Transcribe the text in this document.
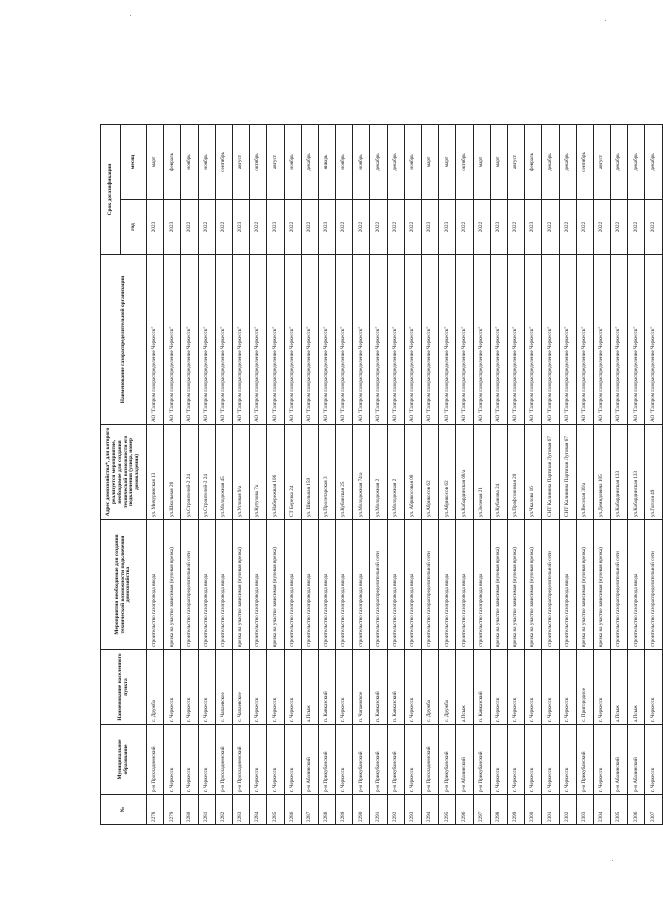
№	Муниципальное образование	Наименование населенного пункта	Мероприятия необходимые для создания технической возможности подключения домохозяйства	Адрес домохозяйства*, для которого реализуется мероприятие, необходимое для создания технической возможности его подключения (улица, номер домовладения)	Наименование газораспределительной организации	Срок догазификации	
						год	месяц
2278	р-н Прохладненский	с. Дружба	строительство газопровода ввода	ул. Мичуринская 13	АО "Газпром газораспределение Черкесск"	2023	март
2279	г. Черкесск	г. Черкесск	врезка на участке зависимая (нулевая врезка)	ул.Школьная 28	АО "Газпром газораспределение Черкесск"	2023	февраль
2280	г. Черкесск	г. Черкесск	строительство газораспределительной сети	ул.Строителей-2 24	АО "Газпром газораспределение Черкесск"	2022	ноябрь
2281	г. Черкесск	г. Черкесск	строительство газопровода ввода	ул.Строителей-2 24	АО "Газпром газораспределение Черкесск"	2022	ноябрь
2282	р-н Прохладненский	с. Чапаевское	строительство газопровода ввода	ул.Молодежная 45	АО "Газпром газораспределение Черкесск"	2022	сентябрь
2283	р-н Прохладненский	с. Чапаевское	врезка на участке зависимая (нулевая врезка)	ул.Угловая 9/а	АО "Газпром газораспределение Черкесск"	2023	август
2284	г. Черкесск	г. Черкесск	строительство газопровода ввода	ул.Кутузова 7а	АО "Газпром газораспределение Черкесск"	2022	октябрь
2285	г. Черкесск	г. Черкесск	врезка на участке зависимая (нулевая врезка)	ул.Набережная 106	АО "Газпром газораспределение Черкесск"	2023	август
2286	г. Черкесск	г. Черкесск	строительство газопровода ввода	СТ Березка 24	АО "Газпром газораспределение Черкесск"	2022	ноябрь
2287	р-н Абазинский	а.Псыж	строительство газопровода ввода	ул. Школьная 159	АО "Газпром газораспределение Черкесск"	2022	декабрь
2288	р-н Прикубанский	п. Кавказский	строительство газопровода ввода	ул.Пролетарская 3	АО "Газпром газораспределение Черкесск"	2023	январь
2289	г. Черкесск	г. Черкесск	строительство газопровода ввода	ул.Кубанская 25	АО "Газпром газораспределение Черкесск"	2022	ноябрь
2290	р-н Прикубанский	п. Чапаевское	строительство газопровода ввода	ул.Молодежная 74/а	АО "Газпром газораспределение Черкесск"	2022	ноябрь
2291	р-н Прикубанский	п. Кавказский	строительство газораспределительной сети	ул.Молодежная 2	АО "Газпром газораспределение Черкесск"	2022	декабрь
2292	р-н Прикубанский	п. Кавказский	строительство газопровода ввода	ул.Молодежная 2	АО "Газпром газораспределение Черкесск"	2022	декабрь
2293	г. Черкесск	г. Черкесск	строительство газопровода ввода	ул. Абрикосовая 08	АО "Газпром газораспределение Черкесск"	2022	ноябрь
2294	р-н Прохладненский	с. Дружба	строительство газораспределительной сети	ул.Абрикосов 62	АО "Газпром газораспределение Черкесск"	2023	март
2295	р-н Прикубанский	с. Дружба	строительство газопровода ввода	ул.Абрикосов 62	АО "Газпром газораспределение Черкесск"	2023	март
2296	р-н Абазинский	а.Псыж	строительство газопровода ввода	ул.Кабардинская 68/а	АО "Газпром газораспределение Черкесск"	2022	октябрь
2297	р-н Прикубанский	п. Кавказский	строительство газопровода ввода	ул.Зеленая 21	АО "Газпром газораспределение Черкесск"	2022	март
2298	г. Черкесск	г. Черкесск	врезка на участке зависимая (нулевая врезка)	ул.Кубанова 24	АО "Газпром газораспределение Черкесск"	2023	март
2299	г. Черкесск	г. Черкесск	врезка на участке зависимая (нулевая врезка)	ул.Профсоюзная 20	АО "Газпром газораспределение Черкесск"	2022	август
2300	г. Черкесск	г. Черкесск	врезка на участке зависимая (нулевая врезка)	ул.Чкалова 16	АО "Газпром газораспределение Черкесск"	2023	февраль
2301	г. Черкесск	г. Черкесск	строительство газораспределительной сети	СНТ Калинина Партизан Луговая 67	АО "Газпром газораспределение Черкесск"	2022	декабрь
2302	г. Черкесск	г. Черкесск	строительство газопровода ввода	СНТ Калинина Партизан Луговая 67	АО "Газпром газораспределение Черкесск"	2022	декабрь
2303	р-н Прикубанский	с. Пригородное	врезка на участке зависимая (нулевая врезка)	ул.Веселая 30/а	АО "Газпром газораспределение Черкесск"	2022	сентябрь
2304	г. Черкесск	г. Черкесск	врезка на участке зависимая (нулевая врезка)	ул.Демидовича 105	АО "Газпром газораспределение Черкесск"	2022	август
2305	р-н Абазинский	а.Псыж	строительство газораспределительной сети	ул.Кабардинская 133	АО "Газпром газораспределение Черкесск"	2022	декабрь
2306	р-н Абазинский	а.Псыж	строительство газопровода ввода	ул.Кабардинская 133	АО "Газпром газораспределение Черкесск"	2022	декабрь
2307	г. Черкесск	г. Черкесск	строительство газораспределительной сети	ул.Гоголя 49	АО "Газпром газораспределение Черкесск"	2022	декабрь
